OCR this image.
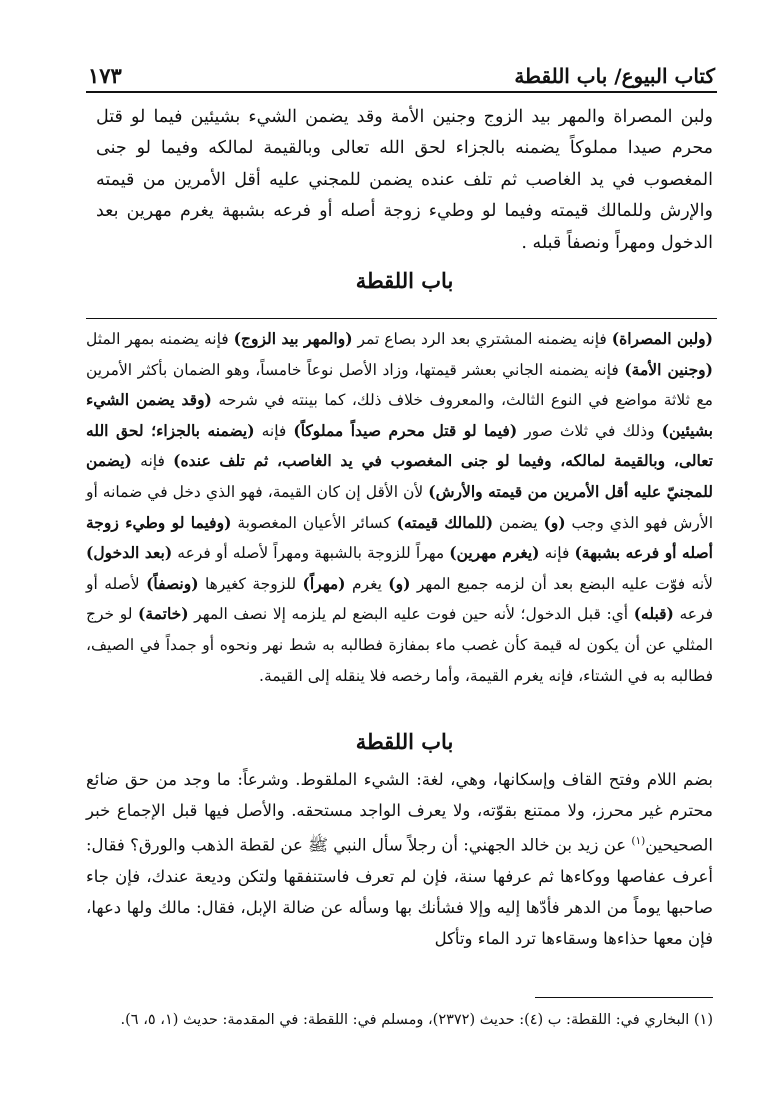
كتاب البيوع/ باب اللقطة
١٧٣

ولبن المصراة والمهر بيد الزوج وجنين الأمة وقد يضمن الشيء بشيئين فيما لو قتل محرم صيدا مملوكاً يضمنه بالجزاء لحق الله تعالى وبالقيمة لمالكه وفيما لو جنى المغصوب في يد الغاصب ثم تلف عنده يضمن للمجني عليه أقل الأمرين من قيمته والإرش وللمالك قيمته وفيما لو وطيء زوجة أصله أو فرعه بشبهة يغرم مهرين بعد الدخول ومهراً ونصفاً قبله .

باب اللقطة

(ولبن المصراة) فإنه يضمنه المشتري بعد الرد بصاع تمر (والمهر بيد الزوج) فإنه يضمنه بمهر المثل (وجنين الأمة) فإنه يضمنه الجاني بعشر قيمتها، وزاد الأصل نوعاً خامساً، وهو الضمان بأكثر الأمرين مع ثلاثة مواضع في النوع الثالث، والمعروف خلاف ذلك، كما بينته في شرحه (وقد يضمن الشيء بشيئين) وذلك في ثلاث صور (فيما لو قتل محرم صيداً مملوكاً) فإنه (يضمنه بالجزاء؛ لحق الله تعالى، وبالقيمة لمالكه، وفيما لو جنى المغصوب في يد الغاصب، ثم تلف عنده) فإنه (يضمن للمجنيّ عليه أقل الأمرين من قيمته والأرش) لأن الأقل إن كان القيمة، فهو الذي دخل في ضمانه أو الأرش فهو الذي وجب (و) يضمن (للمالك قيمته) كسائر الأعيان المغصوبة (وفيما لو وطيء زوجة أصله أو فرعه بشبهة) فإنه (يغرم مهرين) مهراً للزوجة بالشبهة ومهراً لأصله أو فرعه (بعد الدخول) لأنه فوّت عليه البضع بعد أن لزمه جميع المهر (و) يغرم (مهراً) للزوجة كغيرها (ونصفاً) لأصله أو فرعه (قبله) أي: قبل الدخول؛ لأنه حين فوت عليه البضع لم يلزمه إلا نصف المهر (خاتمة) لو خرج المثلي عن أن يكون له قيمة كأن غصب ماء بمفازة فطالبه به شط نهر ونحوه أو جمداً في الصيف، فطالبه به في الشتاء، فإنه يغرم القيمة، وأما رخصه فلا ينقله إلى القيمة.

باب اللقطة

بضم اللام وفتح القاف وإسكانها، وهي، لغة: الشيء الملقوط. وشرعاً: ما وجد من حق ضائع محترم غير محرز، ولا ممتنع بقوّته، ولا يعرف الواجد مستحقه. والأصل فيها قبل الإجماع خبر الصحيحين$^{(١)}$ عن زيد بن خالد الجهني: أن رجلاً سأل النبي ﷺ عن لقطة الذهب والورق؟ فقال: أعرف عفاصها ووكاءها ثم عرفها سنة، فإن لم تعرف فاستنفقها ولتكن وديعة عندك، فإن جاء صاحبها يوماً من الدهر فأدّها إليه وإلا فشأنك بها وسأله عن ضالة الإبل، فقال: مالك ولها دعها، فإن معها حذاءها وسقاءها ترد الماء وتأكل

(١) البخاري في: اللقطة: ب (٤): حديث (٢٣٧٢)، ومسلم في: اللقطة: في المقدمة: حديث (١، ٥، ٦).
